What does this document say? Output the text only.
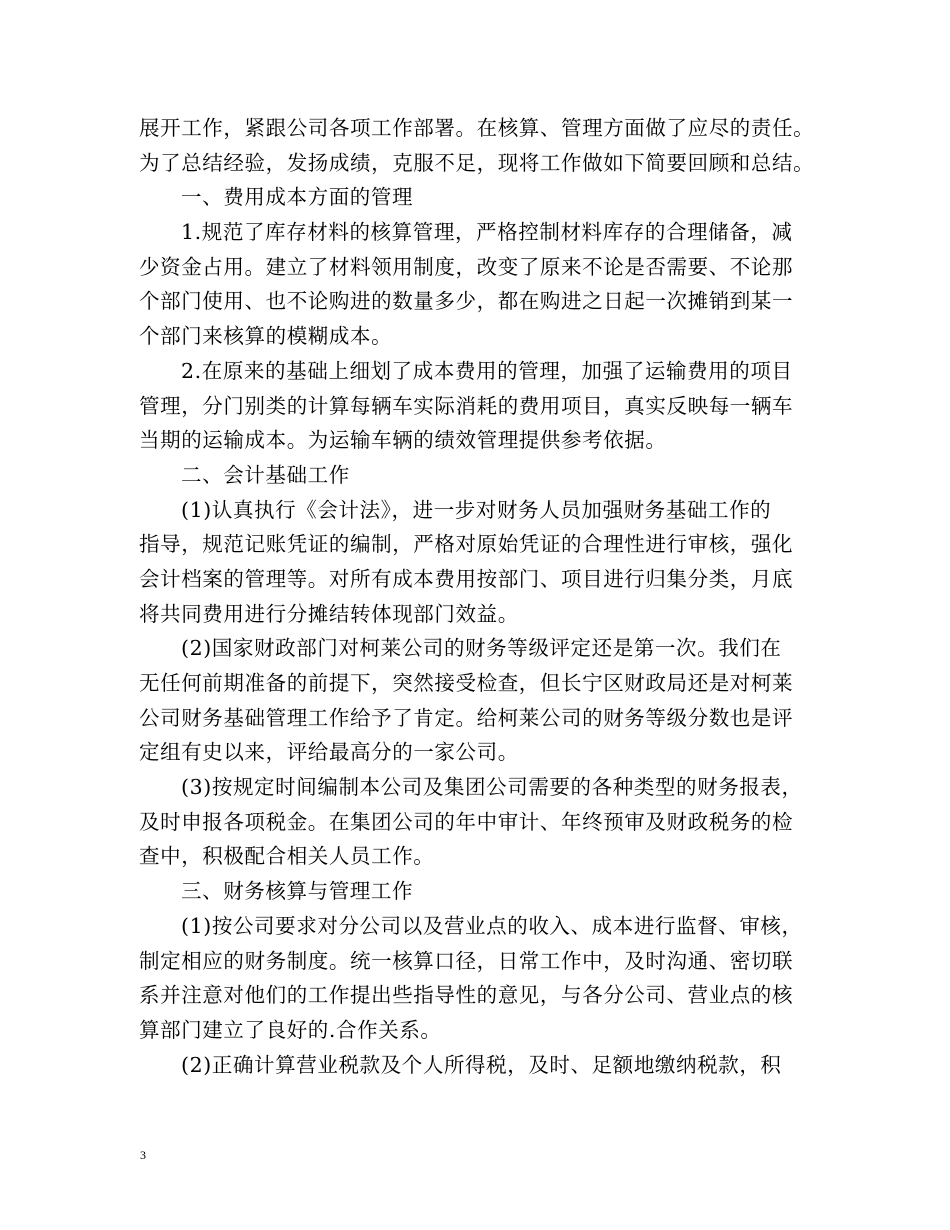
展开工作，紧跟公司各项工作部署。在核算、管理方面做了应尽的责任。
为了总结经验，发扬成绩，克服不足，现将工作做如下简要回顾和总结。
一、费用成本方面的管理
1.规范了库存材料的核算管理，严格控制材料库存的合理储备，减
少资金占用。建立了材料领用制度，改变了原来不论是否需要、不论那
个部门使用、也不论购进的数量多少，都在购进之日起一次摊销到某一
个部门来核算的模糊成本。
2.在原来的基础上细划了成本费用的管理，加强了运输费用的项目
管理，分门别类的计算每辆车实际消耗的费用项目，真实反映每一辆车
当期的运输成本。为运输车辆的绩效管理提供参考依据。
二、会计基础工作
(1)认真执行《会计法》，进一步对财务人员加强财务基础工作的
指导，规范记账凭证的编制，严格对原始凭证的合理性进行审核，强化
会计档案的管理等。对所有成本费用按部门、项目进行归集分类，月底
将共同费用进行分摊结转体现部门效益。
(2)国家财政部门对柯莱公司的财务等级评定还是第一次。我们在
无任何前期准备的前提下，突然接受检查，但长宁区财政局还是对柯莱
公司财务基础管理工作给予了肯定。给柯莱公司的财务等级分数也是评
定组有史以来，评给最高分的一家公司。
(3)按规定时间编制本公司及集团公司需要的各种类型的财务报表，
及时申报各项税金。在集团公司的年中审计、年终预审及财政税务的检
查中，积极配合相关人员工作。
三、财务核算与管理工作
(1)按公司要求对分公司以及营业点的收入、成本进行监督、审核，
制定相应的财务制度。统一核算口径，日常工作中，及时沟通、密切联
系并注意对他们的工作提出些指导性的意见，与各分公司、营业点的核
算部门建立了良好的.合作关系。
(2)正确计算营业税款及个人所得税，及时、足额地缴纳税款，积
3
